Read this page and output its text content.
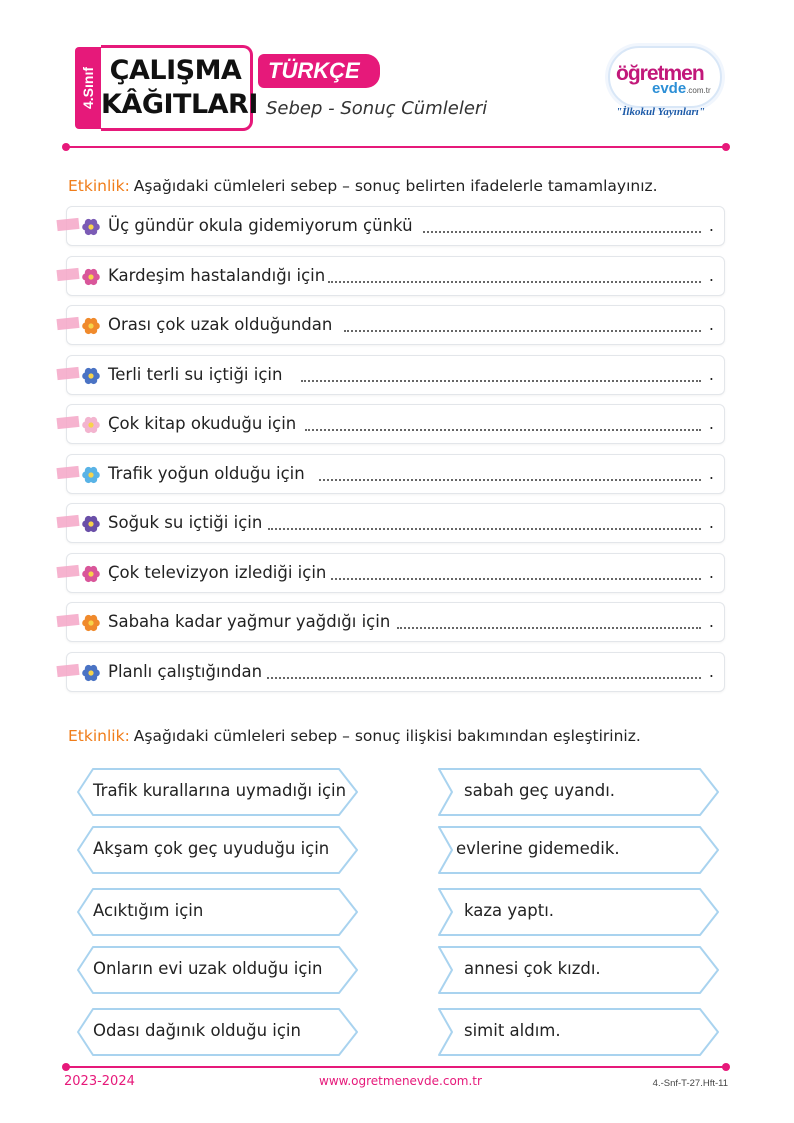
4.Sınıf ÇALIŞMA
KÂĞITLARI
TÜRKÇE
Sebep - Sonuç Cümleleri
öğretmen
evde.com.tr
"İlkokul Yayınları"
Etkinlik: Aşağıdaki cümleleri sebep – sonuç belirten ifadelerle tamamlayınız.
Üç gündür okula gidemiyorum çünkü	.
Kardeşim hastalandığı için	.
Orası çok uzak olduğundan	.
Terli terli su içtiği için	.
Çok kitap okuduğu için	.
Trafik yoğun olduğu için	.
Soğuk su içtiği için	.
Çok televizyon izlediği için	.
Sabaha kadar yağmur yağdığı için	.
Planlı çalıştığından	.
Etkinlik: Aşağıdaki cümleleri sebep – sonuç ilişkisi bakımından eşleştiriniz.
Trafik kurallarına uymadığı için
Akşam çok geç uyuduğu için
Acıktığım için
Onların evi uzak olduğu için
Odası dağınık olduğu için
sabah geç uyandı.
evlerine gidemedik.
kaza yaptı.
annesi çok kızdı.
simit aldım.
2023-2024	www.ogretmenevde.com.tr	4.-Snf-T-27.Hft-11
